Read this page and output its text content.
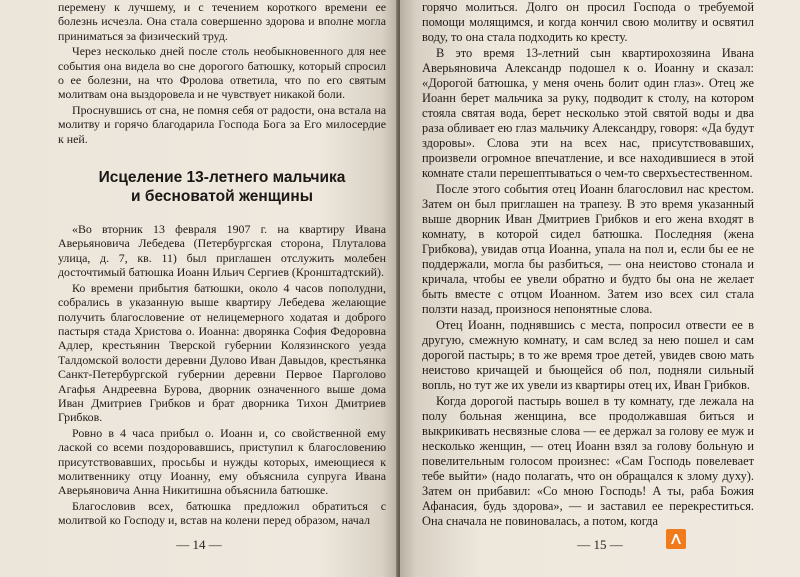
перемену к лучшему, и с течением короткого времени ее болезнь исчезла. Она стала совершенно здорова и вполне могла приниматься за физический труд.

Через несколько дней после столь необыкновенного для нее события она видела во сне дорогого батюшку, который спросил о ее болезни, на что Фролова ответила, что по его святым молитвам она выздоровела и не чувствует никакой боли.

Проснувшись от сна, не помня себя от радости, она встала на молитву и горячо благодарила Господа Бога за Его милосердие к ней.

Исцеление 13-летнего мальчика
и бесноватой женщины

«Во вторник 13 февраля 1907 г. на квартиру Ивана Аверьяновича Лебедева (Петербургская сторона, Плуталова улица, д. 7, кв. 11) был приглашен отслужить молебен досточтимый батюшка Иоанн Ильич Сергиев (Кронштадтский).

Ко времени прибытия батюшки, около 4 часов пополудни, собрались в указанную выше квартиру Лебедева желающие получить благословение от нелицемерного ходатая и доброго пастыря стада Христова о. Иоанна: дворянка София Федоровна Адлер, крестьянин Тверской губернии Колязинского уезда Талдомской волости деревни Дулово Иван Давыдов, крестьянка Санкт-Петербургской губернии деревни Первое Парголово Агафья Андреевна Бурова, дворник означенного выше дома Иван Дмитриев Грибков и брат дворника Тихон Дмитриев Грибков.

Ровно в 4 часа прибыл о. Иоанн и, со свойственной ему лаской со всеми поздоровавшись, приступил к благословению присутствовавших, просьбы и нужды которых, имеющиеся к молитвеннику отцу Иоанну, ему объяснила супруга Ивана Аверьяновича Анна Никитишна объяснила батюшке.

Благословив всех, батюшка предложил обратиться с молитвой ко Господу и, встав на колени перед образом, начал

— 14 —

горячо молиться. Долго он просил Господа о требуемой помощи молящимся, и когда кончил свою молитву и освятил воду, то она стала подходить ко кресту.

В это время 13-летний сын квартирохозяина Ивана Аверьяновича Александр подошел к о. Иоанну и сказал: «Дорогой батюшка, у меня очень болит один глаз». Отец же Иоанн берет мальчика за руку, подводит к столу, на котором стояла святая вода, берет несколько этой святой воды и два раза обливает ею глаз мальчику Александру, говоря: «Да будут здоровы». Слова эти на всех нас, присутствовавших, произвели огромное впечатление, и все находившиеся в этой комнате стали перешептываться о чем-то сверхъестественном.

После этого события отец Иоанн благословил нас крестом. Затем он был приглашен на трапезу. В это время указанный выше дворник Иван Дмитриев Грибков и его жена входят в комнату, в которой сидел батюшка. Последняя (жена Грибкова), увидав отца Иоанна, упала на пол и, если бы ее не поддержали, могла бы разбиться, — она неистово стонала и кричала, чтобы ее увели обратно и будто бы она не желает быть вместе с отцом Иоанном. Затем изо всех сил стала ползти назад, произнося непонятные слова.

Отец Иоанн, поднявшись с места, попросил отвести ее в другую, смежную комнату, и сам вслед за нею пошел и сам дорогой пастырь; в то же время трое детей, увидев свою мать неистово кричащей и бьющейся об пол, подняли сильный вопль, но тут же их увели из квартиры отец их, Иван Грибков.

Когда дорогой пастырь вошел в ту комнату, где лежала на полу больная женщина, все продолжавшая биться и выкрикивать несвязные слова — ее держал за голову ее муж и несколько женщин, — отец Иоанн взял за голову больную и повелительным голосом произнес: «Сам Господь повелевает тебе выйти» (надо полагать, что он обращался к злому духу). Затем он прибавил: «Со мною Господь! А ты, раба Божия Афанасия, будь здорова», — и заставил ее перекреститься. Она сначала не повиновалась, а потом, когда

— 15 —
